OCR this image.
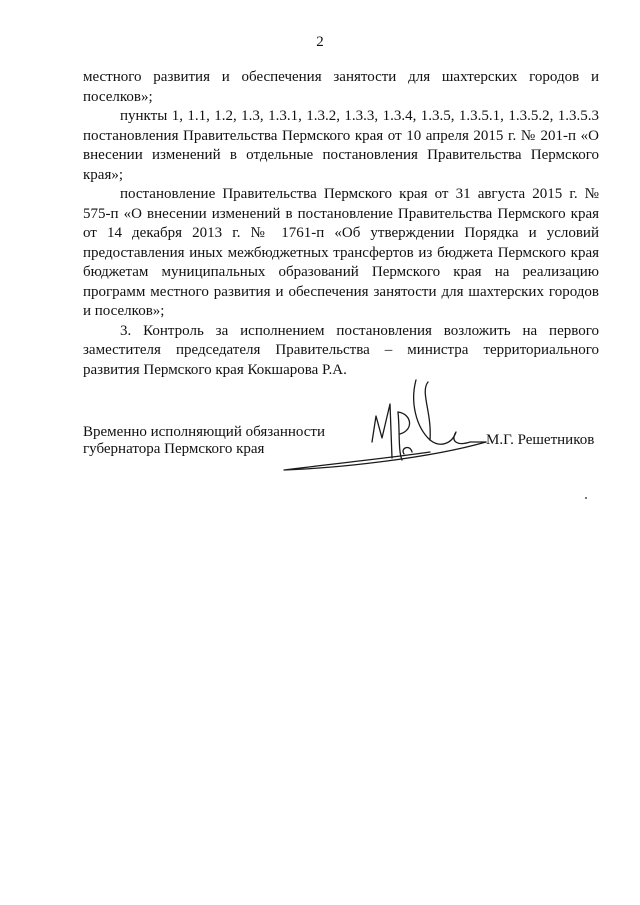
2

местного развития и обеспечения занятости для шахтерских городов и поселков»;

пункты 1, 1.1, 1.2, 1.3, 1.3.1, 1.3.2, 1.3.3, 1.3.4, 1.3.5, 1.3.5.1, 1.3.5.2, 1.3.5.3 постановления Правительства Пермского края от 10 апреля 2015 г. № 201-п «О внесении изменений в отдельные постановления Правительства Пермского края»;

постановление Правительства Пермского края от 31 августа 2015 г. № 575-п «О внесении изменений в постановление Правительства Пермского края от 14 декабря 2013 г. № 1761-п «Об утверждении Порядка и условий предоставления иных межбюджетных трансфертов из бюджета Пермского края бюджетам муниципальных образований Пермского края на реализацию программ местного развития и обеспечения занятости для шахтерских городов и поселков»;

3. Контроль за исполнением постановления возложить на первого заместителя председателя Правительства – министра территориального развития Пермского края Кокшарова Р.А.

Временно исполняющий обязанности
губернатора Пермского края
М.Г. Решетников
